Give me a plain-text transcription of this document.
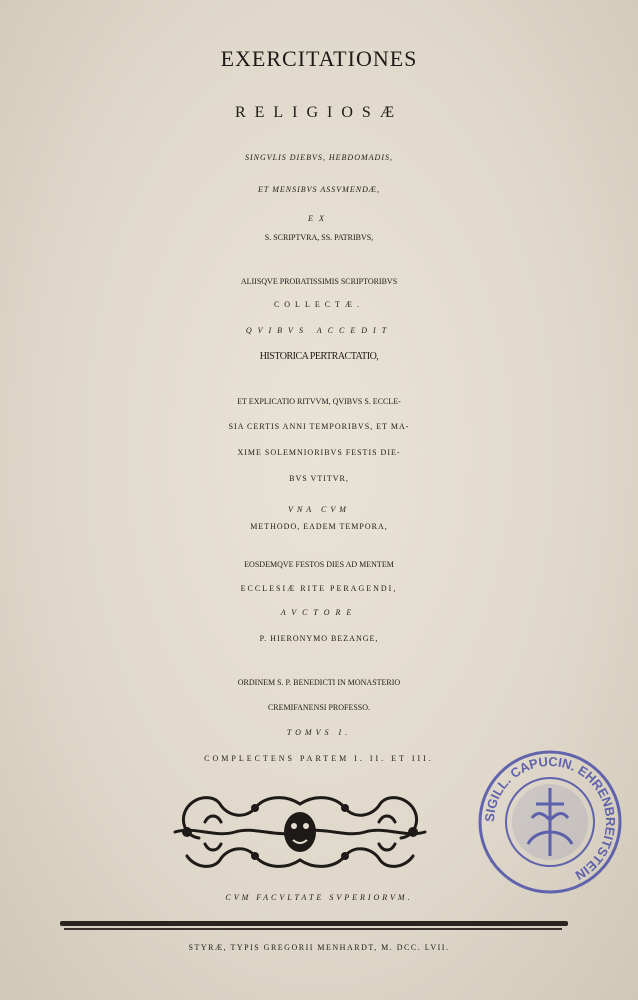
EXERCITATIONES
RELIGIOSÆ
SINGVLIS DIEBVS, HEBDOMADIS,
ET MENSIBVS ASSVMENDÆ,
EX
S. SCRIPTVRA, SS. PATRIBVS,
ALIISQVE PROBATISSIMIS SCRIPTORIBVS
COLLECTÆ.
QVIBVS ACCEDIT
HISTORICA PERTRACTATIO,
ET EXPLICATIO RITVVM, QVIBVS S. ECCLE-
SIA CERTIS ANNI TEMPORIBVS, ET MA-
XIME SOLEMNIORIBVS FESTIS DIE-
BVS VTITVR,
VNA CVM
METHODO, EADEM TEMPORA,
EOSDEMQVE FESTOS DIES AD MENTEM
ECCLESIÆ RITE PERAGENDI,
AVCTORE
P. HIERONYMO BEZANGE,
ORDINEM S. P. BENEDICTI IN MONASTERIO
CREMIFANENSI PROFESSO.
TOMVS I.
COMPLECTENS PARTEM I. II. ET III.
SIGILL. CAPUCIN. EHRENBREITSTEIN
CVM FACVLTATE SVPERIORVM.
STYRÆ, TYPIS GREGORII MENHARDT, M. DCC. LVII.
